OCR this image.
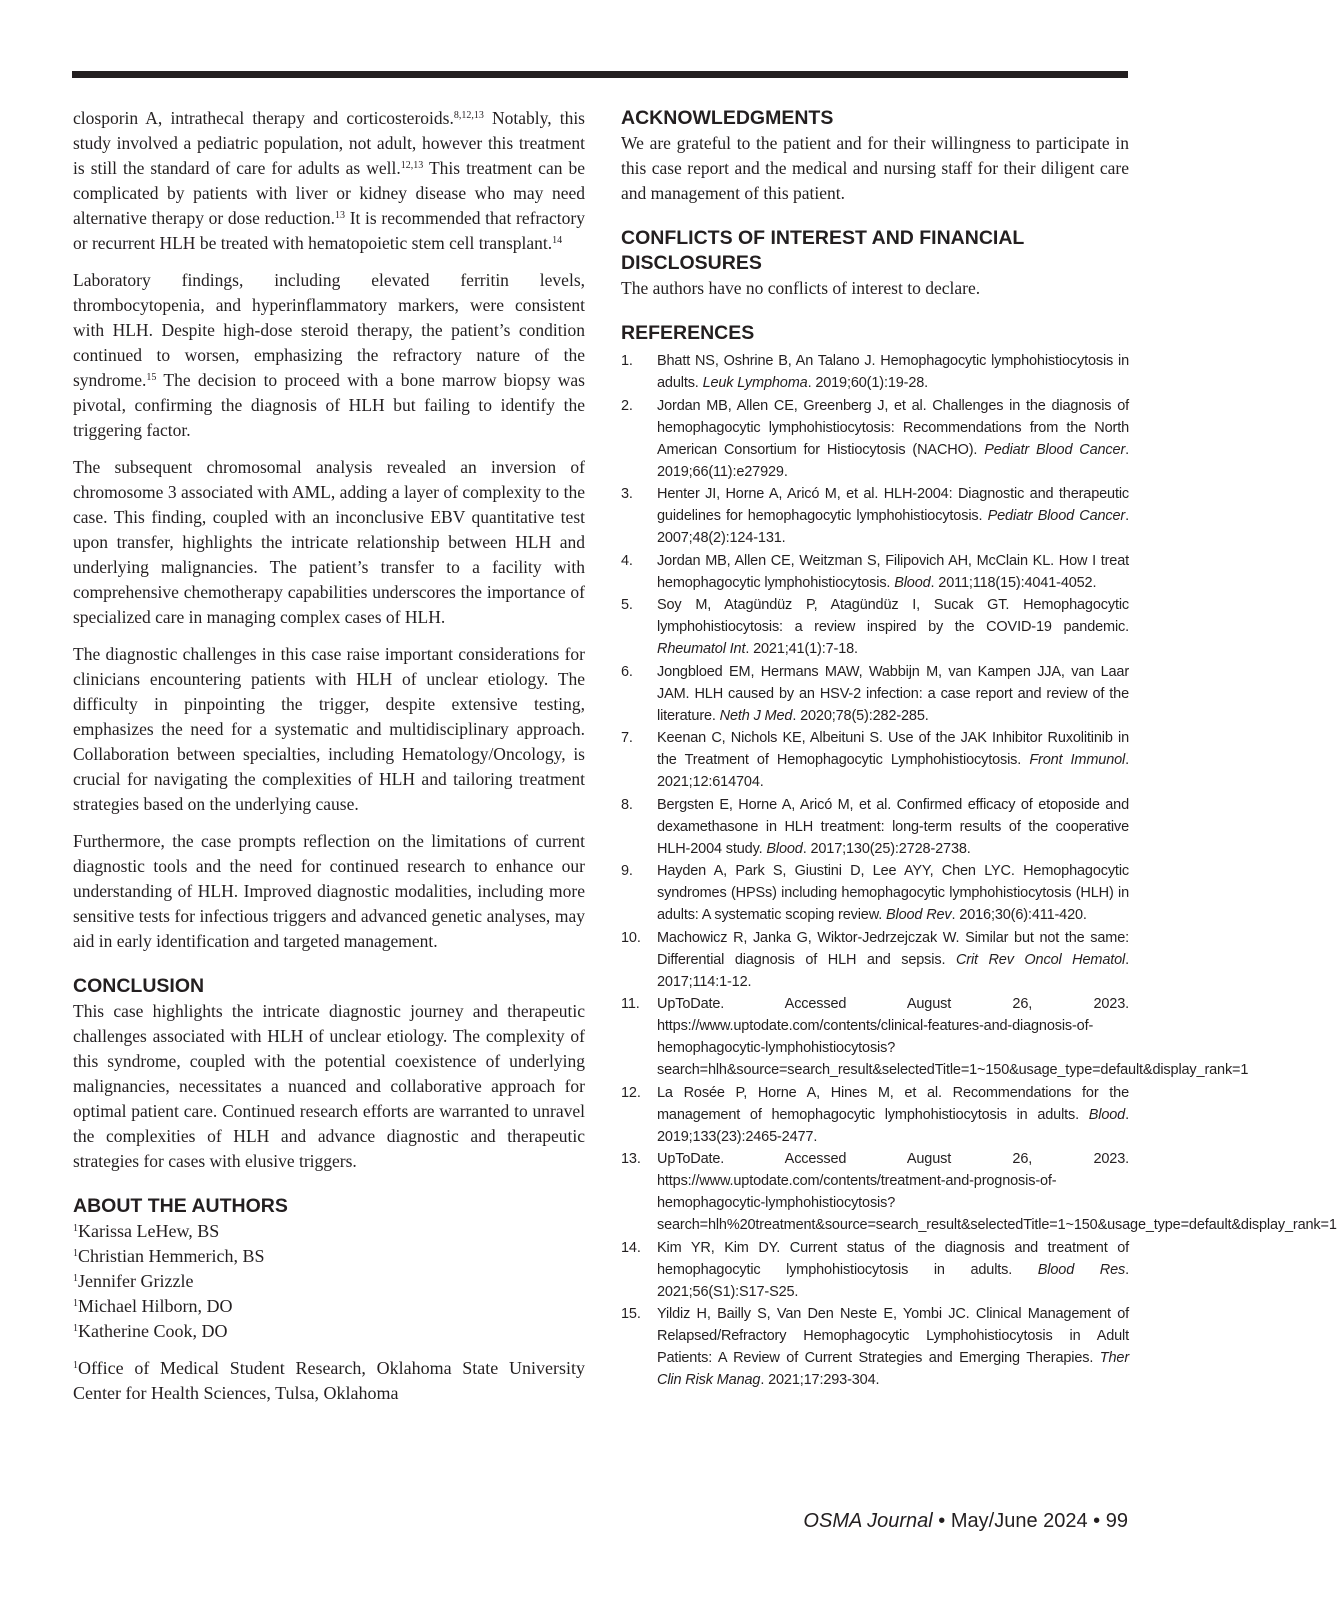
closporin A, intrathecal therapy and corticosteroids.$^{8,12,13}$ Notably, this study involved a pediatric population, not adult, however this treatment is still the standard of care for adults as well.$^{12,13}$ This treatment can be complicated by patients with liver or kidney disease who may need alternative therapy or dose reduction.$^{13}$ It is recommended that refractory or recurrent HLH be treated with hematopoietic stem cell transplant.$^{14}$

Laboratory findings, including elevated ferritin levels, thrombocytopenia, and hyperinflammatory markers, were consistent with HLH. Despite high-dose steroid therapy, the patient’s condition continued to worsen, emphasizing the refractory nature of the syndrome.$^{15}$ The decision to proceed with a bone marrow biopsy was pivotal, confirming the diagnosis of HLH but failing to identify the triggering factor.

The subsequent chromosomal analysis revealed an inversion of chromosome 3 associated with AML, adding a layer of complexity to the case. This finding, coupled with an inconclusive EBV quantitative test upon transfer, highlights the intricate relationship between HLH and underlying malignancies. The patient’s transfer to a facility with comprehensive chemotherapy capabilities underscores the importance of specialized care in managing complex cases of HLH.

The diagnostic challenges in this case raise important considerations for clinicians encountering patients with HLH of unclear etiology. The difficulty in pinpointing the trigger, despite extensive testing, emphasizes the need for a systematic and multidisciplinary approach. Collaboration between specialties, including Hematology/Oncology, is crucial for navigating the complexities of HLH and tailoring treatment strategies based on the underlying cause.

Furthermore, the case prompts reflection on the limitations of current diagnostic tools and the need for continued research to enhance our understanding of HLH. Improved diagnostic modalities, including more sensitive tests for infectious triggers and advanced genetic analyses, may aid in early identification and targeted management.

CONCLUSION

This case highlights the intricate diagnostic journey and therapeutic challenges associated with HLH of unclear etiology. The complexity of this syndrome, coupled with the potential coexistence of underlying malignancies, necessitates a nuanced and collaborative approach for optimal patient care. Continued research efforts are warranted to unravel the complexities of HLH and advance diagnostic and therapeutic strategies for cases with elusive triggers.

ABOUT THE AUTHORS

$^1$Karissa LeHew, BS

$^1$Christian Hemmerich, BS

$^1$Jennifer Grizzle

$^1$Michael Hilborn, DO

$^1$Katherine Cook, DO

$^1$Office of Medical Student Research, Oklahoma State University Center for Health Sciences, Tulsa, Oklahoma

ACKNOWLEDGMENTS

We are grateful to the patient and for their willingness to participate in this case report and the medical and nursing staff for their diligent care and management of this patient.

CONFLICTS OF INTEREST AND FINANCIAL DISCLOSURES

The authors have no conflicts of interest to declare.

REFERENCES
1.	Bhatt NS, Oshrine B, An Talano J. Hemophagocytic lymphohistiocytosis in adults. Leuk Lymphoma. 2019;60(1):19-28.
2.	Jordan MB, Allen CE, Greenberg J, et al. Challenges in the diagnosis of hemophagocytic lymphohistiocytosis: Recommendations from the North American Consortium for Histiocytosis (NACHO). Pediatr Blood Cancer. 2019;66(11):e27929.
3.	Henter JI, Horne A, Aricó M, et al. HLH-2004: Diagnostic and therapeutic guidelines for hemophagocytic lymphohistiocytosis. Pediatr Blood Cancer. 2007;48(2):124-131.
4.	Jordan MB, Allen CE, Weitzman S, Filipovich AH, McClain KL. How I treat hemophagocytic lymphohistiocytosis. Blood. 2011;118(15):4041-4052.
5.	Soy M, Atagündüz P, Atagündüz I, Sucak GT. Hemophagocytic lymphohistiocytosis: a review inspired by the COVID-19 pandemic. Rheumatol Int. 2021;41(1):7-18.
6.	Jongbloed EM, Hermans MAW, Wabbijn M, van Kampen JJA, van Laar JAM. HLH caused by an HSV-2 infection: a case report and review of the literature. Neth J Med. 2020;78(5):282-285.
7.	Keenan C, Nichols KE, Albeituni S. Use of the JAK Inhibitor Ruxolitinib in the Treatment of Hemophagocytic Lymphohistiocytosis. Front Immunol. 2021;12:614704.
8.	Bergsten E, Horne A, Aricó M, et al. Confirmed efficacy of etoposide and dexamethasone in HLH treatment: long-term results of the cooperative HLH-2004 study. Blood. 2017;130(25):2728-2738.
9.	Hayden A, Park S, Giustini D, Lee AYY, Chen LYC. Hemophagocytic syndromes (HPSs) including hemophagocytic lymphohistiocytosis (HLH) in adults: A systematic scoping review. Blood Rev. 2016;30(6):411-420.
10.	Machowicz R, Janka G, Wiktor-Jedrzejczak W. Similar but not the same: Differential diagnosis of HLH and sepsis. Crit Rev Oncol Hematol. 2017;114:1-12.
11.	UpToDate. Accessed August 26, 2023. https://www.uptodate.com/contents/clinical-features-and-diagnosis-of-hemophagocytic-lymphohistiocytosis?search=hlh&source=search_result&selectedTitle=1~150&usage_type=default&display_rank=1
12.	La Rosée P, Horne A, Hines M, et al. Recommendations for the management of hemophagocytic lymphohistiocytosis in adults. Blood. 2019;133(23):2465-2477.
13.	UpToDate. Accessed August 26, 2023. https://www.uptodate.com/contents/treatment-and-prognosis-of-hemophagocytic-lymphohistiocytosis?search=hlh%20treatment&source=search_result&selectedTitle=1~150&usage_type=default&display_rank=1
14.	Kim YR, Kim DY. Current status of the diagnosis and treatment of hemophagocytic lymphohistiocytosis in adults. Blood Res. 2021;56(S1):S17-S25.
15.	Yildiz H, Bailly S, Van Den Neste E, Yombi JC. Clinical Management of Relapsed/Refractory Hemophagocytic Lymphohistiocytosis in Adult Patients: A Review of Current Strategies and Emerging Therapies. Ther Clin Risk Manag. 2021;17:293-304.
OSMA Journal • May/June 2024 • 99
